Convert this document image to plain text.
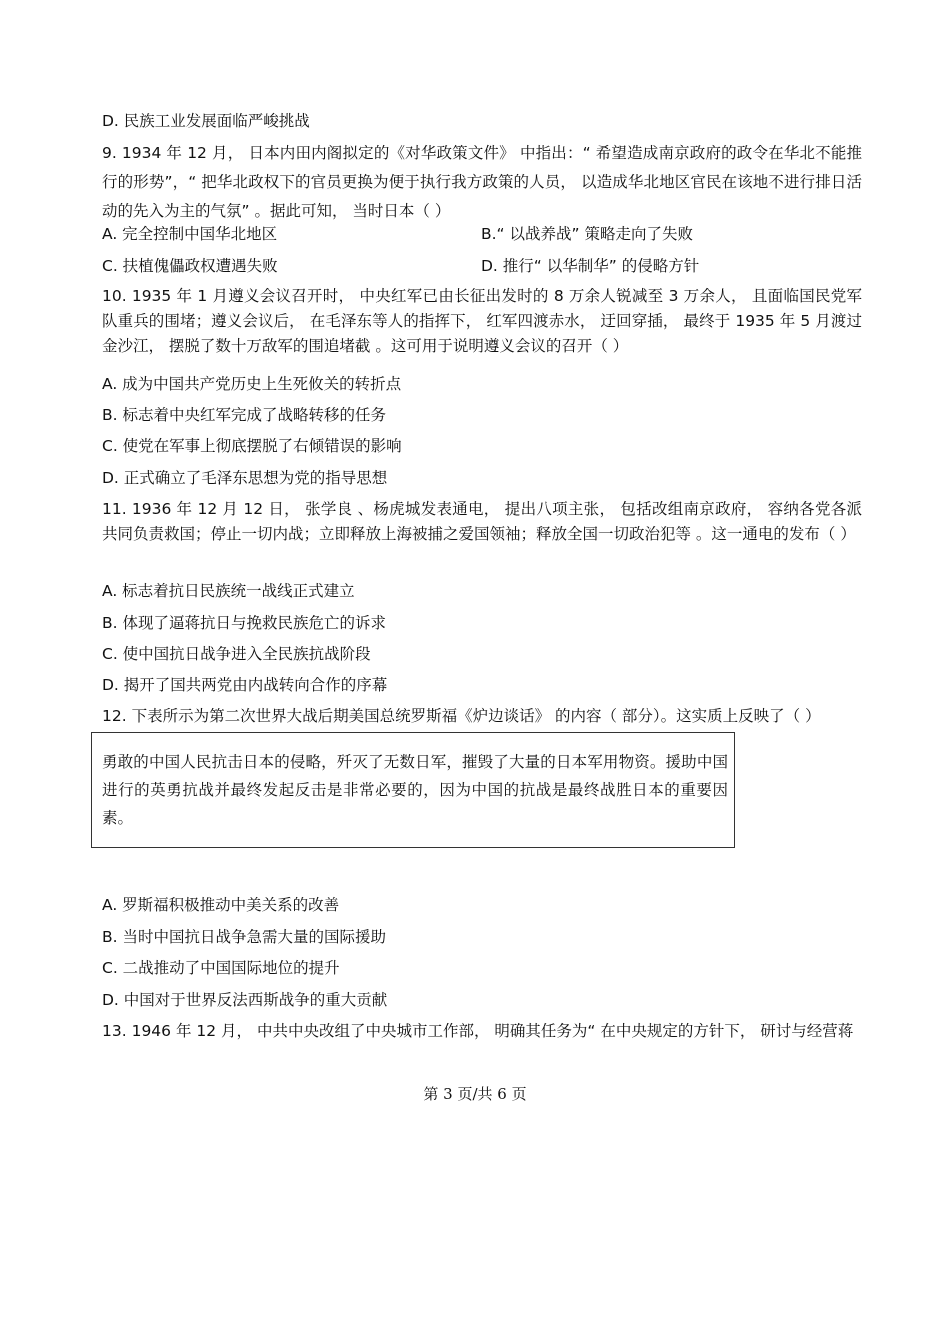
D. 民族工业发展面临严峻挑战
9. 1934 年 12 月， 日本内田内阁拟定的《对华政策文件》 中指出：“ 希望造成南京政府的政令在华北不能推行的形势”，“ 把华北政权下的官员更换为便于执行我方政策的人员， 以造成华北地区官民在该地不进行排日活动的先入为主的气氛” 。据此可知， 当时日本（ ）
A. 完全控制中国华北地区	B.“ 以战养战” 策略走向了失败
C. 扶植傀儡政权遭遇失败	D. 推行“ 以华制华” 的侵略方针
10. 1935 年 1 月遵义会议召开时， 中央红军已由长征出发时的 8 万余人锐减至 3 万余人， 且面临国民党军队重兵的围堵；遵义会议后， 在毛泽东等人的指挥下， 红军四渡赤水， 迂回穿插， 最终于 1935 年 5 月渡过金沙江， 摆脱了数十万敌军的围追堵截 。这可用于说明遵义会议的召开（ ）
A. 成为中国共产党历史上生死攸关的转折点
B. 标志着中央红军完成了战略转移的任务
C. 使党在军事上彻底摆脱了右倾错误的影响
D. 正式确立了毛泽东思想为党的指导思想
11. 1936 年 12 月 12 日， 张学良 、杨虎城发表通电， 提出八项主张， 包括改组南京政府， 容纳各党各派共同负责救国；停止一切内战；立即释放上海被捕之爱国领袖；释放全国一切政治犯等 。这一通电的发布（ ）
A. 标志着抗日民族统一战线正式建立
B. 体现了逼蒋抗日与挽救民族危亡的诉求
C. 使中国抗日战争进入全民族抗战阶段
D. 揭开了国共两党由内战转向合作的序幕
12. 下表所示为第二次世界大战后期美国总统罗斯福《炉边谈话》 的内容（ 部分）。这实质上反映了（ ）
勇敢的中国人民抗击日本的侵略，歼灭了无数日军，摧毁了大量的日本军用物资。援助中国进行的英勇抗战并最终发起反击是非常必要的，因为中国的抗战是最终战胜日本的重要因素。
A. 罗斯福积极推动中美关系的改善
B. 当时中国抗日战争急需大量的国际援助
C. 二战推动了中国国际地位的提升
D. 中国对于世界反法西斯战争的重大贡献
13. 1946 年 12 月， 中共中央改组了中央城市工作部， 明确其任务为“ 在中央规定的方针下， 研讨与经营蒋
第 3 页/共 6 页
